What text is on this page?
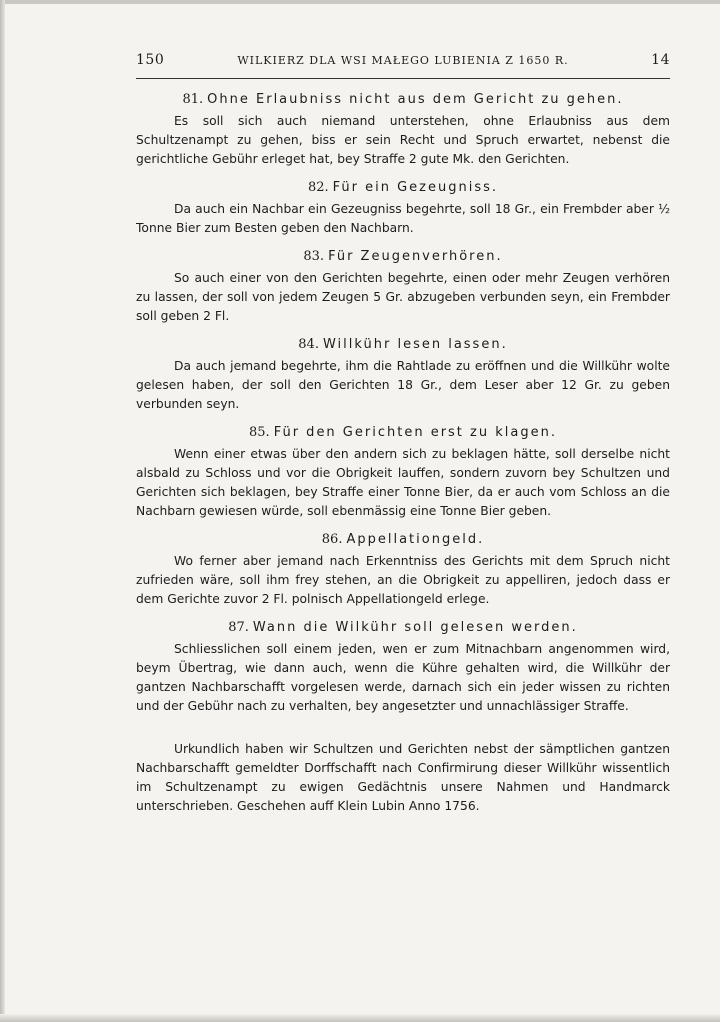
150	WILKIERZ DLA WSI MAŁEGO LUBIENIA Z 1650 R.	14
81. Ohne Erlaubniss nicht aus dem Gericht zu gehen.

Es soll sich auch niemand unterstehen, ohne Erlaubniss aus dem Schultzenampt zu gehen, biss er sein Recht und Spruch erwartet, nebenst die gerichtliche Gebühr erleget hat, bey Straffe 2 gute Mk. den Gerichten.

82. Für ein Gezeugniss.

Da auch ein Nachbar ein Gezeugniss begehrte, soll 18 Gr., ein Frembder aber ½ Tonne Bier zum Besten geben den Nachbarn.

83. Für Zeugenverhören.

So auch einer von den Gerichten begehrte, einen oder mehr Zeugen verhören zu lassen, der soll von jedem Zeugen 5 Gr. abzugeben verbunden seyn, ein Frembder soll geben 2 Fl.

84. Willkühr lesen lassen.

Da auch jemand begehrte, ihm die Rahtlade zu eröffnen und die Willkühr wolte gelesen haben, der soll den Gerichten 18 Gr., dem Leser aber 12 Gr. zu geben verbunden seyn.

85. Für den Gerichten erst zu klagen.

Wenn einer etwas über den andern sich zu beklagen hätte, soll derselbe nicht alsbald zu Schloss und vor die Obrigkeit lauffen, sondern zuvorn bey Schultzen und Gerichten sich beklagen, bey Straffe einer Tonne Bier, da er auch vom Schloss an die Nachbarn gewiesen würde, soll ebenmässig eine Tonne Bier geben.

86. Appellationgeld.

Wo ferner aber jemand nach Erkenntniss des Gerichts mit dem Spruch nicht zufrieden wäre, soll ihm frey stehen, an die Obrigkeit zu appelliren, jedoch dass er dem Gerichte zuvor 2 Fl. polnisch Appellationgeld erlege.

87. Wann die Wilkühr soll gelesen werden.

Schliesslichen soll einem jeden, wen er zum Mitnachbarn angenommen wird, beym Übertrag, wie dann auch, wenn die Kühre gehalten wird, die Willkühr der gantzen Nachbarschafft vorgelesen werde, darnach sich ein jeder wissen zu richten und der Gebühr nach zu verhalten, bey angesetzter und unnachlässiger Straffe.

Urkundlich haben wir Schultzen und Gerichten nebst der sämptlichen gantzen Nachbarschafft gemeldter Dorffschafft nach Confirmirung dieser Willkühr wissentlich im Schultzenampt zu ewigen Gedächtnis unsere Nahmen und Handmarck unterschrieben. Geschehen auff Klein Lubin Anno 1756.
